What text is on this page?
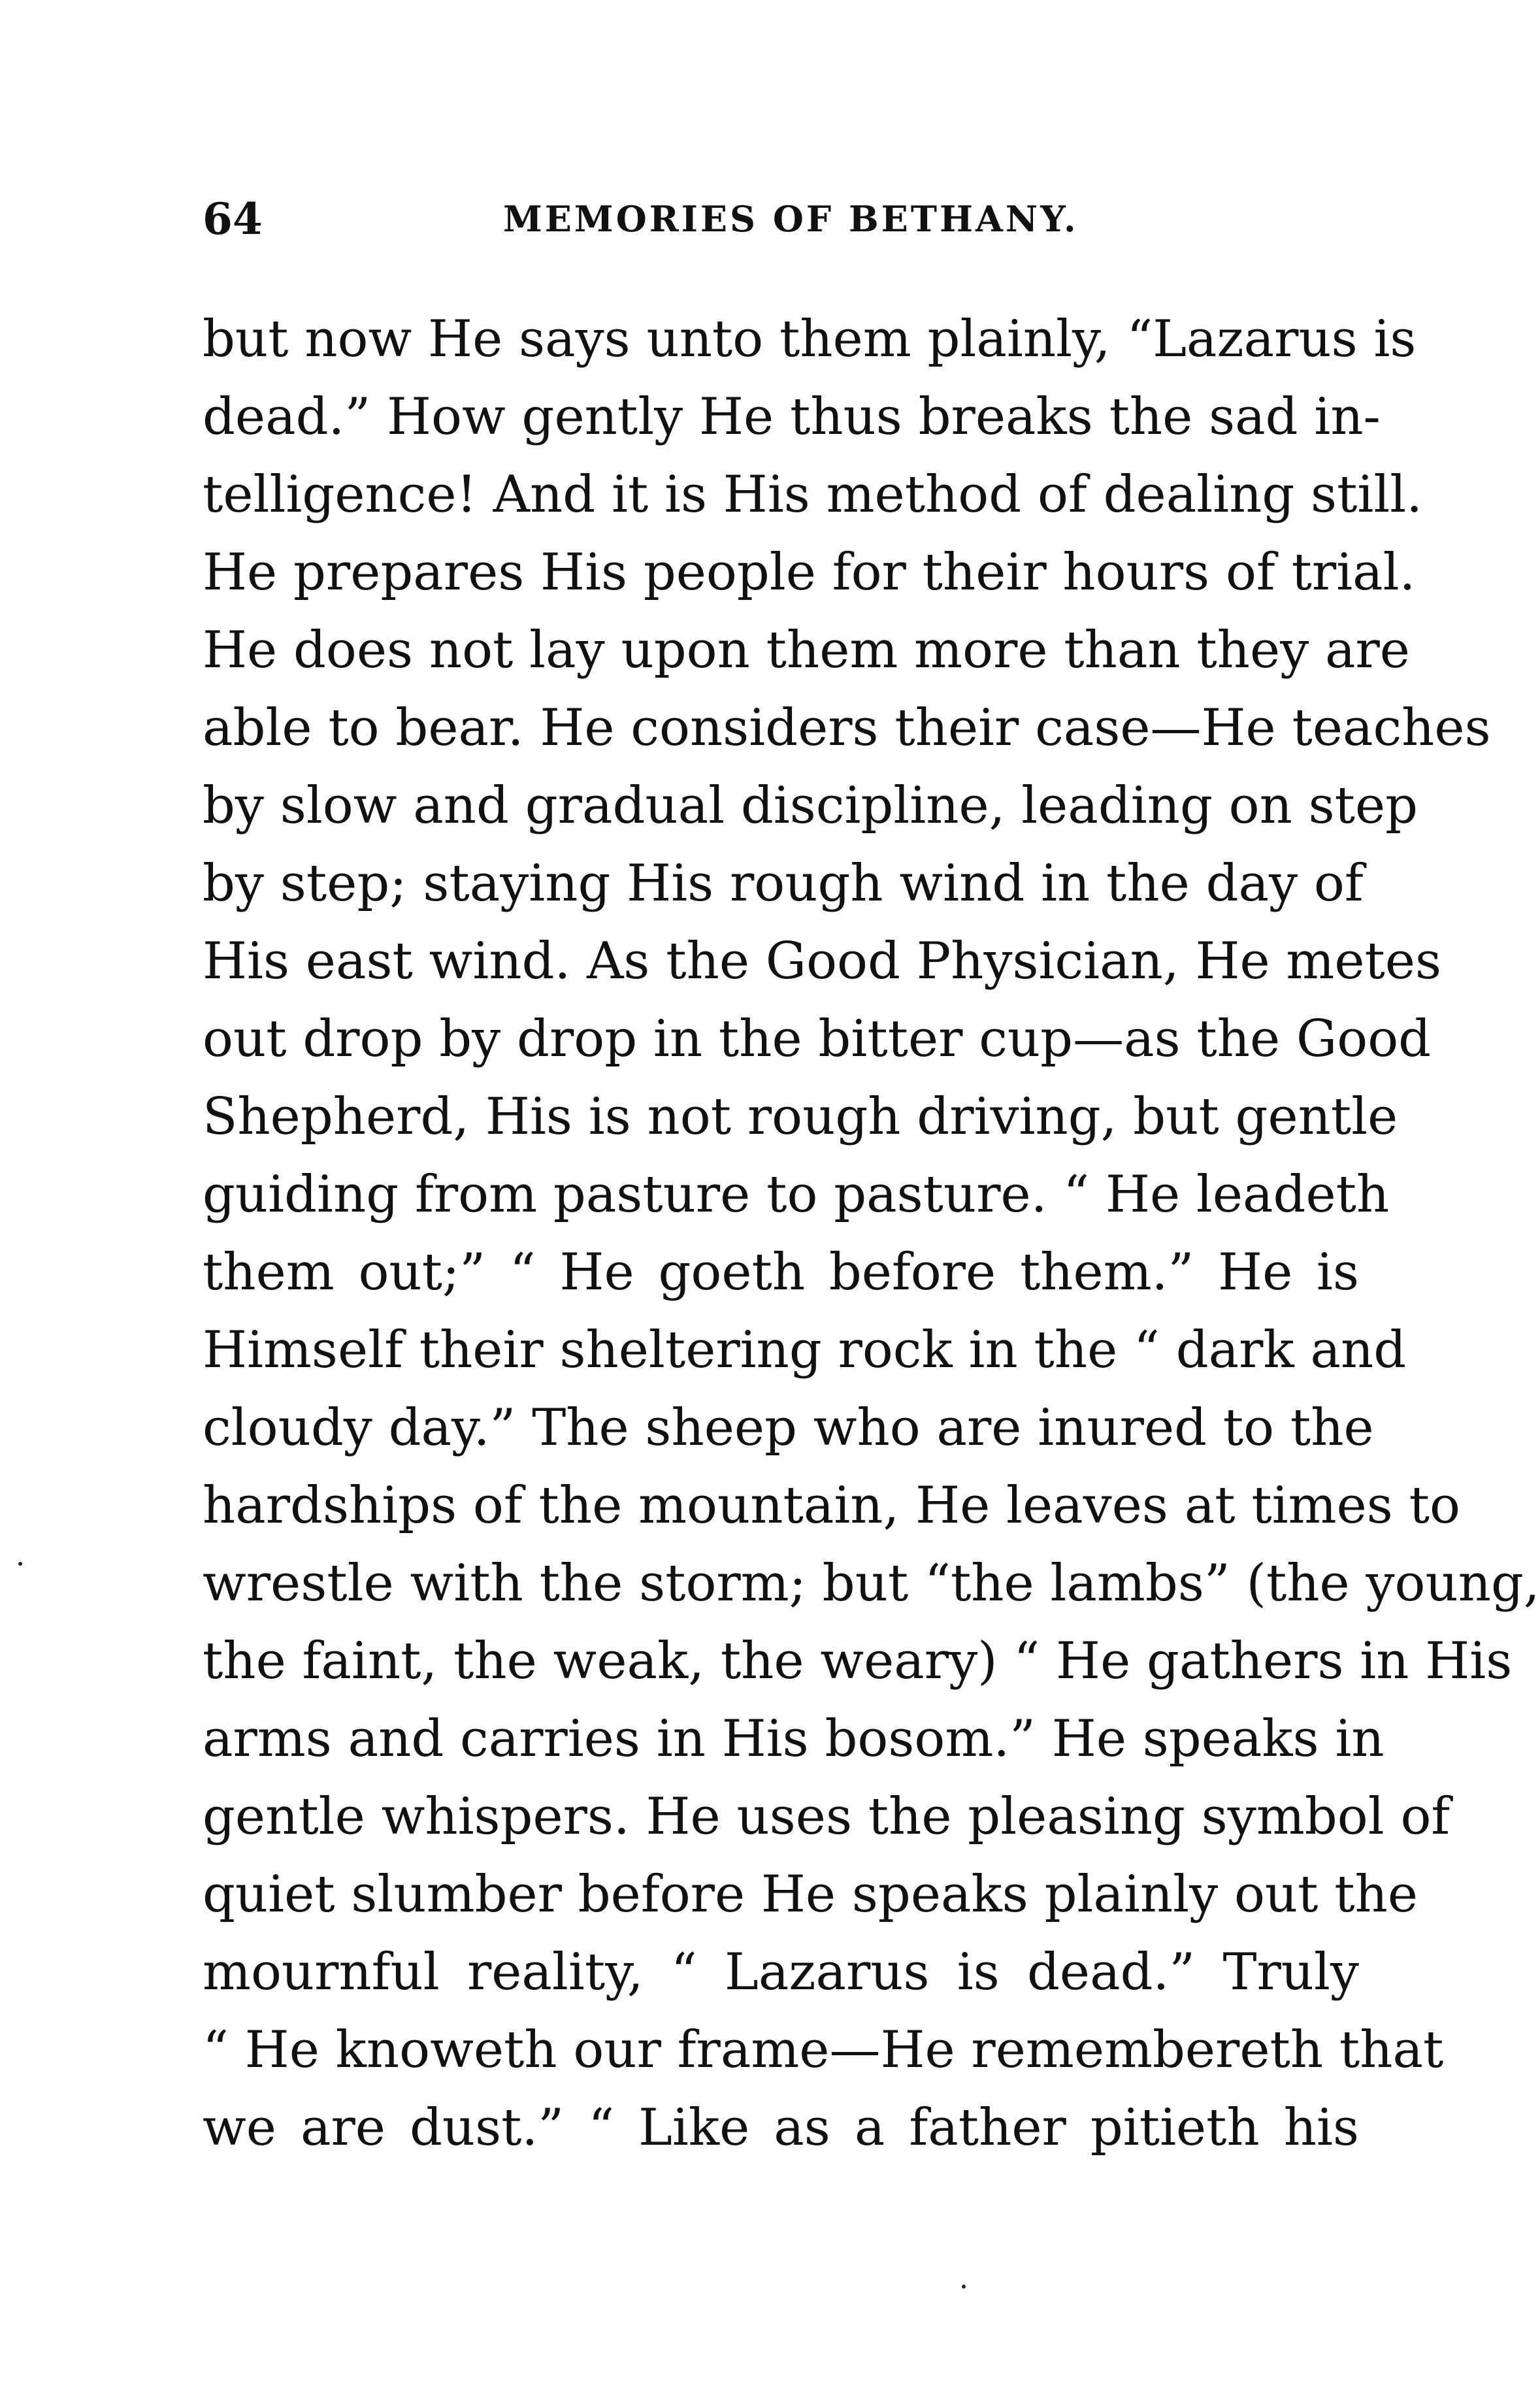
64	MEMORIES OF BETHANY.
but now He says unto them plainly, “Lazarus is
dead.” How gently He thus breaks the sad in-
telligence! And it is His method of dealing still.
He prepares His people for their hours of trial.
He does not lay upon them more than they are
able to bear. He considers their case—He teaches
by slow and gradual discipline, leading on step
by step; staying His rough wind in the day of
His east wind. As the Good Physician, He metes
out drop by drop in the bitter cup—as the Good
Shepherd, His is not rough driving, but gentle
guiding from pasture to pasture. “ He leadeth
them out;” “ He goeth before them.” He is
Himself their sheltering rock in the “ dark and
cloudy day.” The sheep who are inured to the
hardships of the mountain, He leaves at times to
wrestle with the storm; but “the lambs” (the young,
the faint, the weak, the weary) “ He gathers in His
arms and carries in His bosom.” He speaks in
gentle whispers. He uses the pleasing symbol of
quiet slumber before He speaks plainly out the
mournful reality, “ Lazarus is dead.” Truly
“ He knoweth our frame—He remembereth that
we are dust.” “ Like as a father pitieth his
